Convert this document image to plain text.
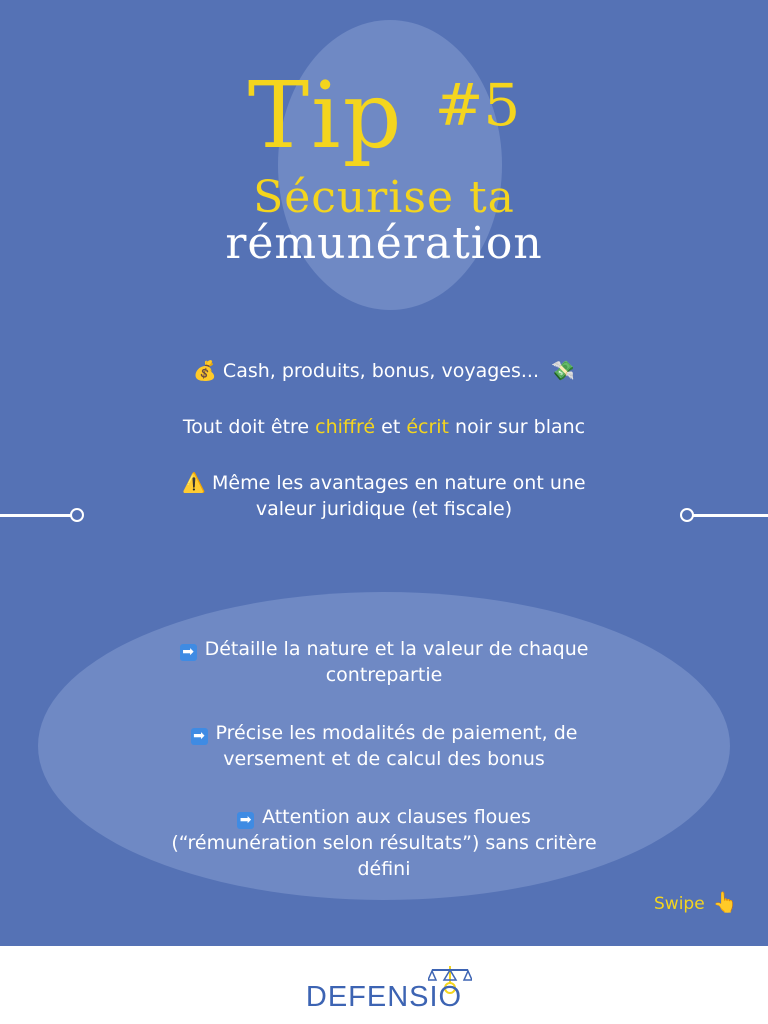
Tip $^{\#5}$
Sécurise ta
rémunération
💰 Cash, produits, bonus, voyages... 💸
Tout doit être chiffré et écrit noir sur blanc
⚠️ Même les avantages en nature ont une
valeur juridique (et fiscale)
➡ Détaille la nature et la valeur de chaque
contrepartie
➡ Précise les modalités de paiement, de
versement et de calcul des bonus
➡ Attention aux clauses floues
(“rémunération selon résultats”) sans critère
défini
Swipe 👆
DEFENSIO
